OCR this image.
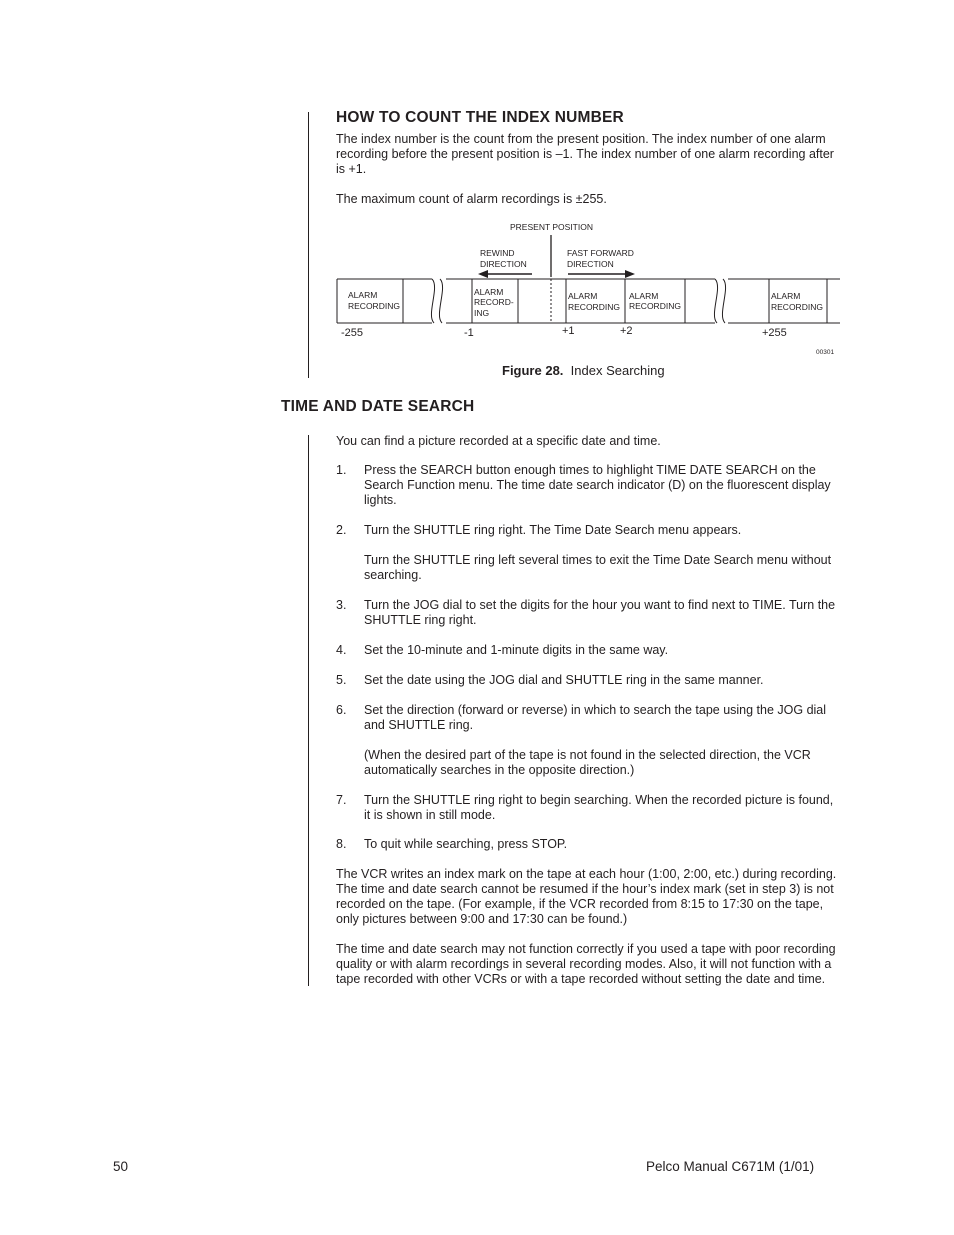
HOW TO COUNT THE INDEX NUMBER

The index number is the count from the present position. The index number of one alarm recording before the present position is –1. The index number of one alarm recording after is +1.

The maximum count of alarm recordings is ±255.

PRESENT POSITION
REWIND
DIRECTION
FAST FORWARD
DIRECTION
ALARM
RECORDING
ALARM
RECORD-
ING
ALARM
RECORDING
ALARM
RECORDING
ALARM
RECORDING
-255	-1	+1	+2	+255
00301
Figure 28. Index Searching
TIME AND DATE SEARCH

You can find a picture recorded at a specific date and time.

1. Press the SEARCH button enough times to highlight TIME DATE SEARCH on the Search Function menu. The time date search indicator (D) on the fluorescent display lights.
2. Turn the SHUTTLE ring right. The Time Date Search menu appears.

Turn the SHUTTLE ring left several times to exit the Time Date Search menu without searching.

3. Turn the JOG dial to set the digits for the hour you want to find next to TIME. Turn the SHUTTLE ring right.
4. Set the 10-minute and 1-minute digits in the same way.
5. Set the date using the JOG dial and SHUTTLE ring in the same manner.
6. Set the direction (forward or reverse) in which to search the tape using the JOG dial and SHUTTLE ring.

(When the desired part of the tape is not found in the selected direction, the VCR automatically searches in the opposite direction.)

7. Turn the SHUTTLE ring right to begin searching. When the recorded picture is found, it is shown in still mode.
8. To quit while searching, press STOP.

The VCR writes an index mark on the tape at each hour (1:00, 2:00, etc.) during recording. The time and date search cannot be resumed if the hour’s index mark (set in step 3) is not recorded on the tape. (For example, if the VCR recorded from 8:15 to 17:30 on the tape, only pictures between 9:00 and 17:30 can be found.)

The time and date search may not function correctly if you used a tape with poor recording quality or with alarm recordings in several recording modes. Also, it will not function with a tape recorded with other VCRs or with a tape recorded without setting the date and time.

50	Pelco Manual C671M (1/01)
